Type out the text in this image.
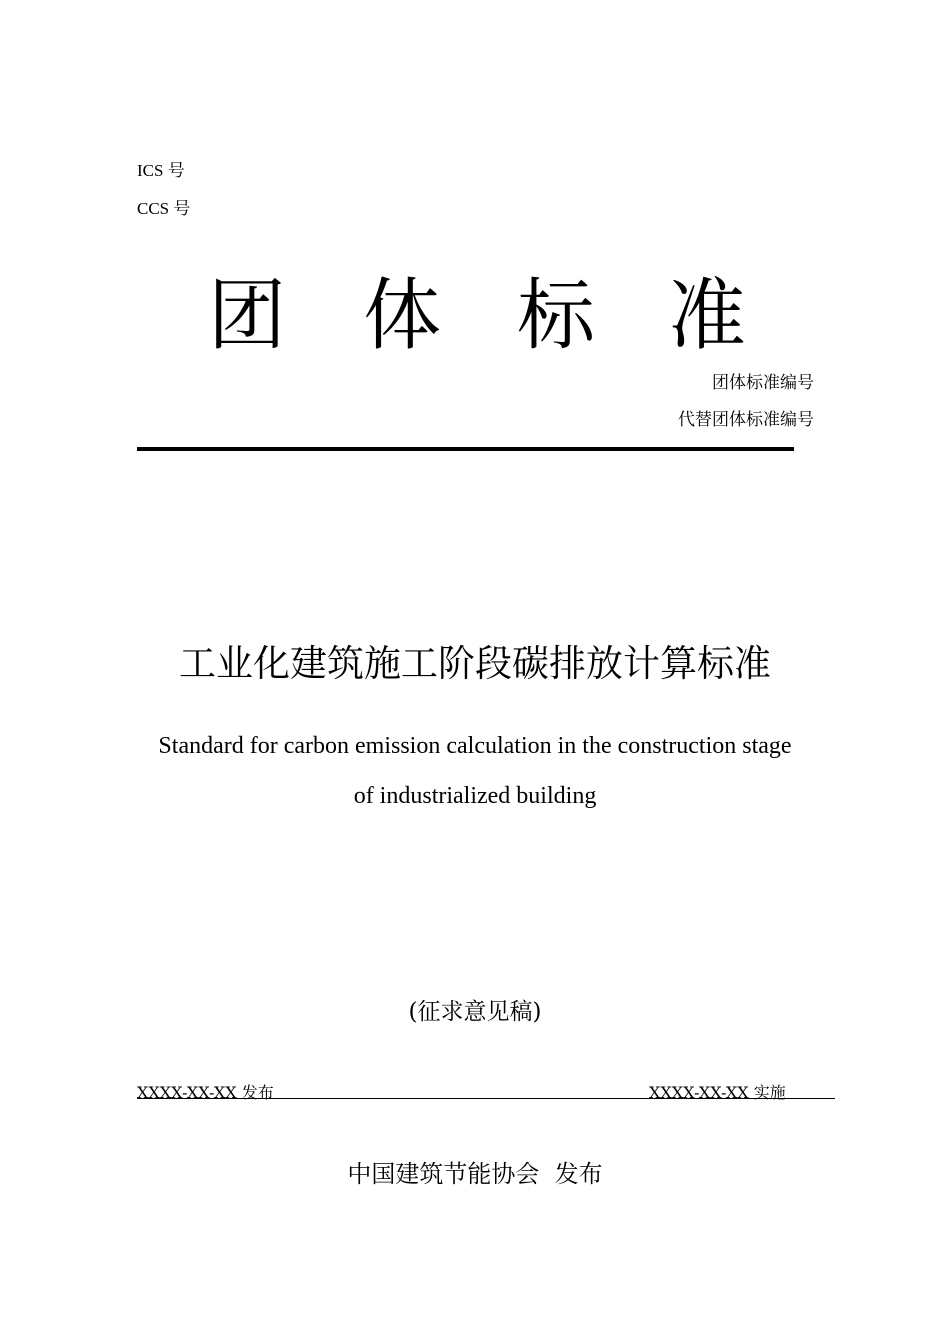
ICS 号
CCS 号
团 体 标 准
团体标准编号
代替团体标准编号
工业化建筑施工阶段碳排放计算标准
Standard for carbon emission calculation in the construction stage
of industrialized building
(征求意见稿)
XXXX-XX-XX 发布	XXXX-XX-XX 实施
中国建筑节能协会  发布
